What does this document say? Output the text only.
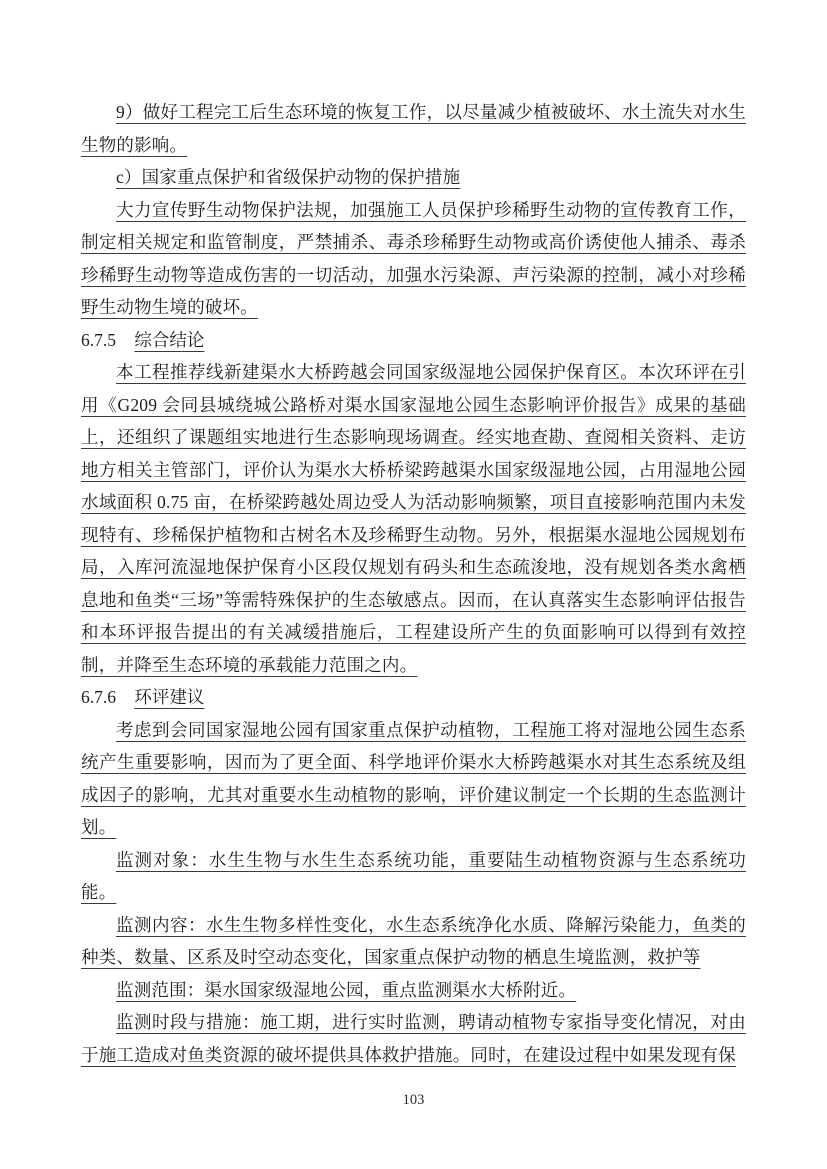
9）做好工程完工后生态环境的恢复工作，以尽量减少植被破坏、水土流失对水生生物的影响。

c）国家重点保护和省级保护动物的保护措施

大力宣传野生动物保护法规，加强施工人员保护珍稀野生动物的宣传教育工作，制定相关规定和监管制度，严禁捕杀、毒杀珍稀野生动物或高价诱使他人捕杀、毒杀珍稀野生动物等造成伤害的一切活动，加强水污染源、声污染源的控制，减小对珍稀野生动物生境的破坏。

6.7.5 综合结论

本工程推荐线新建渠水大桥跨越会同国家级湿地公园保护保育区。本次环评在引用《G209 会同县城绕城公路桥对渠水国家湿地公园生态影响评价报告》成果的基础上，还组织了课题组实地进行生态影响现场调查。经实地查勘、查阅相关资料、走访地方相关主管部门，评价认为渠水大桥桥梁跨越渠水国家级湿地公园，占用湿地公园水域面积 0.75 亩，在桥梁跨越处周边受人为活动影响频繁，项目直接影响范围内未发现特有、珍稀保护植物和古树名木及珍稀野生动物。另外，根据渠水湿地公园规划布局，入库河流湿地保护保育小区段仅规划有码头和生态疏浚地，没有规划各类水禽栖息地和鱼类“三场”等需特殊保护的生态敏感点。因而，在认真落实生态影响评估报告和本环评报告提出的有关减缓措施后，工程建设所产生的负面影响可以得到有效控制，并降至生态环境的承载能力范围之内。

6.7.6 环评建议

考虑到会同国家湿地公园有国家重点保护动植物，工程施工将对湿地公园生态系统产生重要影响，因而为了更全面、科学地评价渠水大桥跨越渠水对其生态系统及组成因子的影响，尤其对重要水生动植物的影响，评价建议制定一个长期的生态监测计划。

监测对象：水生生物与水生生态系统功能，重要陆生动植物资源与生态系统功能。

监测内容：水生生物多样性变化，水生态系统净化水质、降解污染能力，鱼类的种类、数量、区系及时空动态变化，国家重点保护动物的栖息生境监测，救护等

监测范围：渠水国家级湿地公园，重点监测渠水大桥附近。

监测时段与措施：施工期，进行实时监测，聘请动植物专家指导变化情况，对由于施工造成对鱼类资源的破坏提供具体救护措施。同时，在建设过程中如果发现有保

103
